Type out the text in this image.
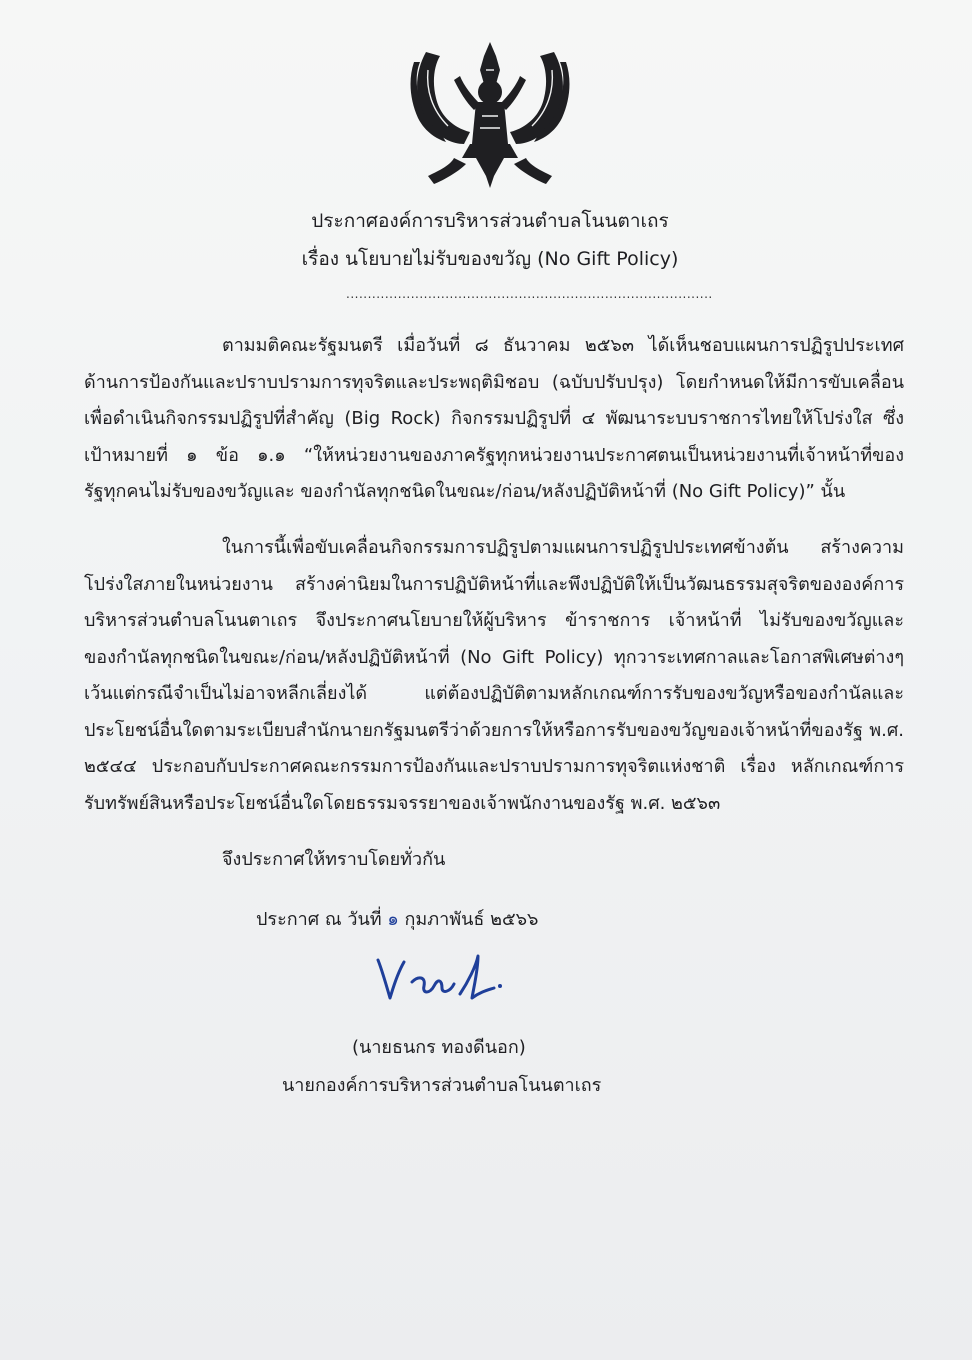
ประกาศองค์การบริหารส่วนตำบลโนนตาเถร
เรื่อง นโยบายไม่รับของขวัญ (No Gift Policy)
.....................................................................................
ตามมติคณะรัฐมนตรี เมื่อวันที่ ๘ ธันวาคม ๒๕๖๓ ได้เห็นชอบแผนการปฏิรูปประเทศ
ด้านการป้องกันและปราบปรามการทุจริตและประพฤติมิชอบ (ฉบับปรับปรุง) โดยกำหนดให้มีการขับเคลื่อน
เพื่อดำเนินกิจกรรมปฏิรูปที่สำคัญ (Big Rock) กิจกรรมปฏิรูปที่ ๔ พัฒนาระบบราชการไทยให้โปร่งใส ซึ่ง
เป้าหมายที่ ๑ ข้อ ๑.๑ “ให้หน่วยงานของภาครัฐทุกหน่วยงานประกาศตนเป็นหน่วยงานที่เจ้าหน้าที่ของ
รัฐทุกคนไม่รับของขวัญและ ของกำนัลทุกชนิดในขณะ/ก่อน/หลังปฏิบัติหน้าที่ (No Gift Policy)” นั้น
ในการนี้เพื่อขับเคลื่อนกิจกรรมการปฏิรูปตามแผนการปฏิรูปประเทศข้างต้น สร้างความ
โปร่งใสภายในหน่วยงาน สร้างค่านิยมในการปฏิบัติหน้าที่และพึงปฏิบัติให้เป็นวัฒนธรรมสุจริตขององค์การ
บริหารส่วนตำบลโนนตาเถร จึงประกาศนโยบายให้ผู้บริหาร ข้าราชการ เจ้าหน้าที่ ไม่รับของขวัญและ
ของกำนัลทุกชนิดในขณะ/ก่อน/หลังปฏิบัติหน้าที่ (No Gift Policy) ทุกวาระเทศกาลและโอกาสพิเศษต่างๆ
เว้นแต่กรณีจำเป็นไม่อาจหลีกเลี่ยงได้ แต่ต้องปฏิบัติตามหลักเกณฑ์การรับของขวัญหรือของกำนัลและ
ประโยชน์อื่นใดตามระเบียบสำนักนายกรัฐมนตรีว่าด้วยการให้หรือการรับของขวัญของเจ้าหน้าที่ของรัฐ พ.ศ.
๒๕๔๔ ประกอบกับประกาศคณะกรรมการป้องกันและปราบปรามการทุจริตแห่งชาติ เรื่อง หลักเกณฑ์การ
รับทรัพย์สินหรือประโยชน์อื่นใดโดยธรรมจรรยาของเจ้าพนักงานของรัฐ พ.ศ. ๒๕๖๓
จึงประกาศให้ทราบโดยทั่วกัน
ประกาศ ณ วันที่ ๑ กุมภาพันธ์ ๒๕๖๖
(นายธนกร ทองดีนอก)
นายกองค์การบริหารส่วนตำบลโนนตาเถร
